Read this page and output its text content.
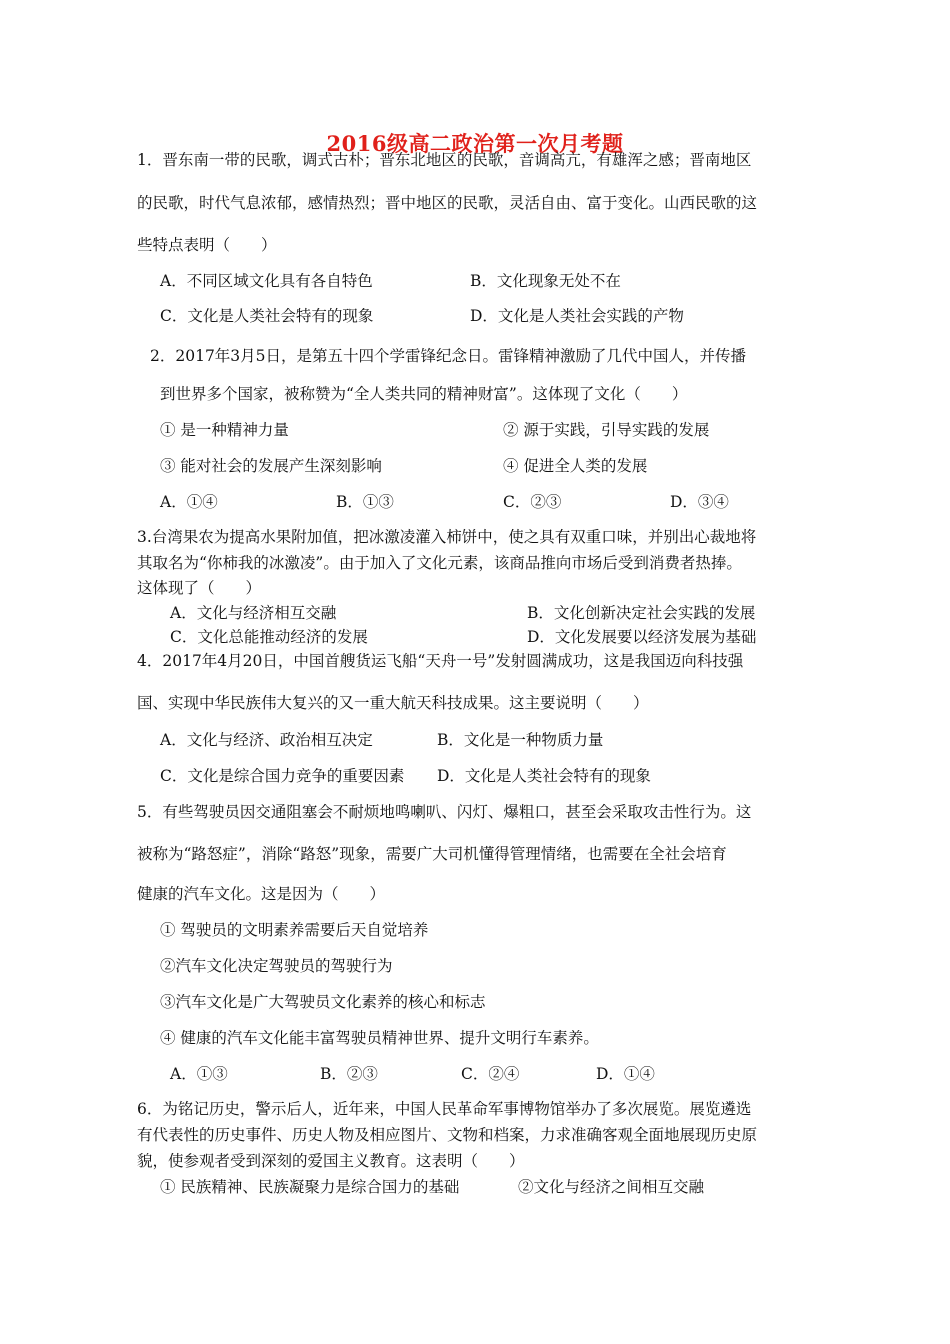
2016级高二政治第一次月考题
1．晋东南一带的民歌，调式古朴；晋东北地区的民歌，音调高亢，有雄浑之感；晋南地区
的民歌，时代气息浓郁，感情热烈；晋中地区的民歌，灵活自由、富于变化。山西民歌的这
些特点表明（　　）
A．不同区域文化具有各自特色	B．文化现象无处不在
C．文化是人类社会特有的现象	D．文化是人类社会实践的产物
2．2017年3月5日，是第五十四个学雷锋纪念日。雷锋精神激励了几代中国人，并传播
到世界多个国家，被称赞为“全人类共同的精神财富”。这体现了文化（　　）
① 是一种精神力量	② 源于实践，引导实践的发展
③ 能对社会的发展产生深刻影响	④ 促进全人类的发展
A．①④	B．①③	C．②③	D．③④
3.台湾果农为提高水果附加值，把冰激凌灌入柿饼中，使之具有双重口味，并别出心裁地将
其取名为“你柿我的冰激凌”。由于加入了文化元素，该商品推向市场后受到消费者热捧。
这体现了（　　）
A．文化与经济相互交融	B．文化创新决定社会实践的发展
C．文化总能推动经济的发展	D．文化发展要以经济发展为基础
4．2017年4月20日，中国首艘货运飞船“天舟一号”发射圆满成功，这是我国迈向科技强
国、实现中华民族伟大复兴的又一重大航天科技成果。这主要说明（　　）
A．文化与经济、政治相互决定	B．文化是一种物质力量
C．文化是综合国力竞争的重要因素 D．文化是人类社会特有的现象
5．有些驾驶员因交通阻塞会不耐烦地鸣喇叭、闪灯、爆粗口，甚至会采取攻击性行为。这
被称为“路怒症”，消除“路怒”现象，需要广大司机懂得管理情绪，也需要在全社会培育
健康的汽车文化。这是因为（　　）
① 驾驶员的文明素养需要后天自觉培养
②汽车文化决定驾驶员的驾驶行为
③汽车文化是广大驾驶员文化素养的核心和标志
④ 健康的汽车文化能丰富驾驶员精神世界、提升文明行车素养。
A．①③	B．②③	C．②④	D．①④
6．为铭记历史，警示后人，近年来，中国人民革命军事博物馆举办了多次展览。展览遴选
有代表性的历史事件、历史人物及相应图片、文物和档案，力求准确客观全面地展现历史原
貌，使参观者受到深刻的爱国主义教育。这表明（　　）
① 民族精神、民族凝聚力是综合国力的基础	②文化与经济之间相互交融
